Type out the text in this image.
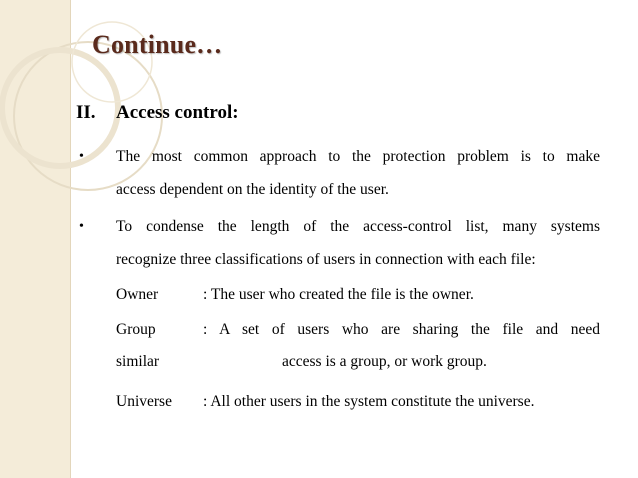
Continue…
II. Access control:
• The most common approach to the protection problem is to make
access dependent on the identity of the user.
• To condense the length of the access-control list, many systems
recognize three classifications of users in connection with each file:
Owner	: The user who created the file is the owner.
Group	: A set of users who are sharing the file and need
similar	access is a group, or work group.
Universe : All other users in the system constitute the universe.
